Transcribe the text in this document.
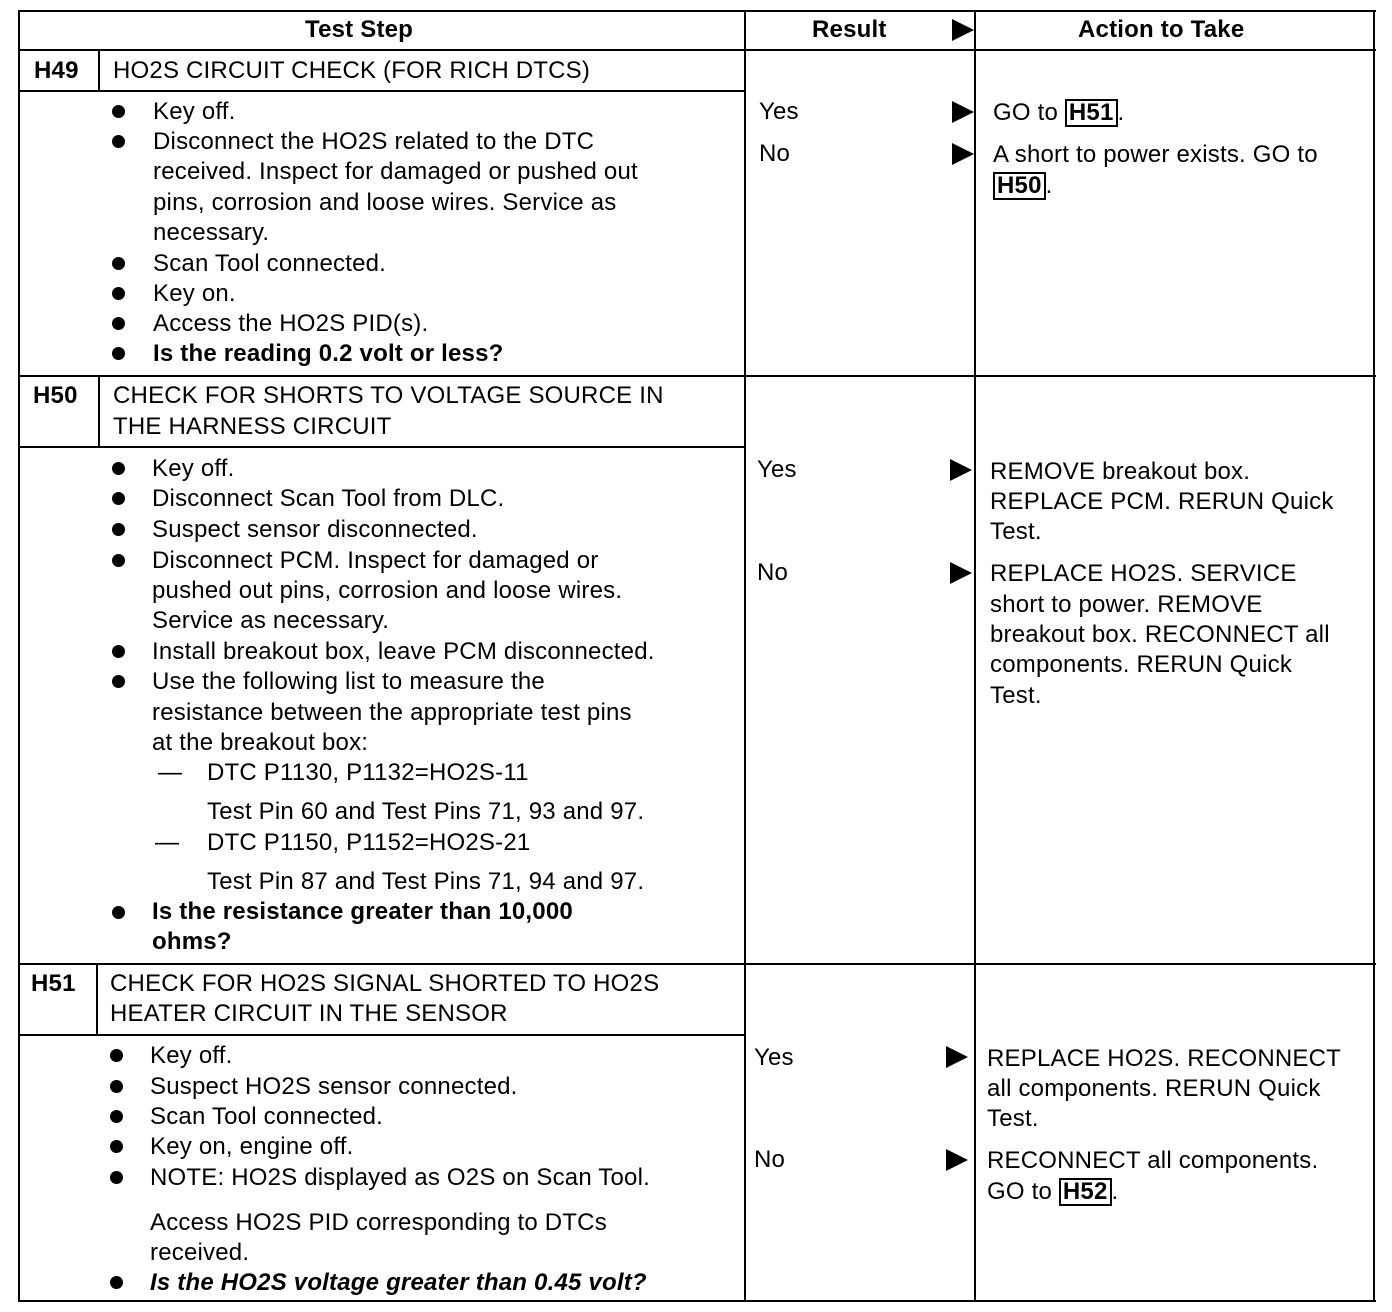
Test Step	Result	Action to Take
H49 HO2S CIRCUIT CHECK (FOR RICH DTCS)
Key off.
Disconnect the HO2S related to the DTC
received. Inspect for damaged or pushed out
pins, corrosion and loose wires. Service as
necessary.
Scan Tool connected.
Key on.
Access the HO2S PID(s).
Is the reading 0.2 volt or less?
Yes
No
GO to H51 .
A short to power exists. GO to
H50 .
H50 CHECK FOR SHORTS TO VOLTAGE SOURCE IN
THE HARNESS CIRCUIT
Key off.
Disconnect Scan Tool from DLC.
Suspect sensor disconnected.
Disconnect PCM. Inspect for damaged or
pushed out pins, corrosion and loose wires.
Service as necessary.
Install breakout box, leave PCM disconnected.
Use the following list to measure the
resistance between the appropriate test pins
at the breakout box:
— DTC P1130, P1132=HO2S-11
Test Pin 60 and Test Pins 71, 93 and 97.
— DTC P1150, P1152=HO2S-21
Test Pin 87 and Test Pins 71, 94 and 97.
Is the resistance greater than 10,000
ohms?
Yes
No
REMOVE breakout box.
REPLACE PCM. RERUN Quick
Test.
REPLACE HO2S. SERVICE
short to power. REMOVE
breakout box. RECONNECT all
components. RERUN Quick
Test.
H51 CHECK FOR HO2S SIGNAL SHORTED TO HO2S
HEATER CIRCUIT IN THE SENSOR
Key off.
Suspect HO2S sensor connected.
Scan Tool connected.
Key on, engine off.
NOTE: HO2S displayed as O2S on Scan Tool.
Access HO2S PID corresponding to DTCs
received.
Is the HO2S voltage greater than 0.45 volt?
Yes
No
REPLACE HO2S. RECONNECT
all components. RERUN Quick
Test.
RECONNECT all components.
GO to H52 .
